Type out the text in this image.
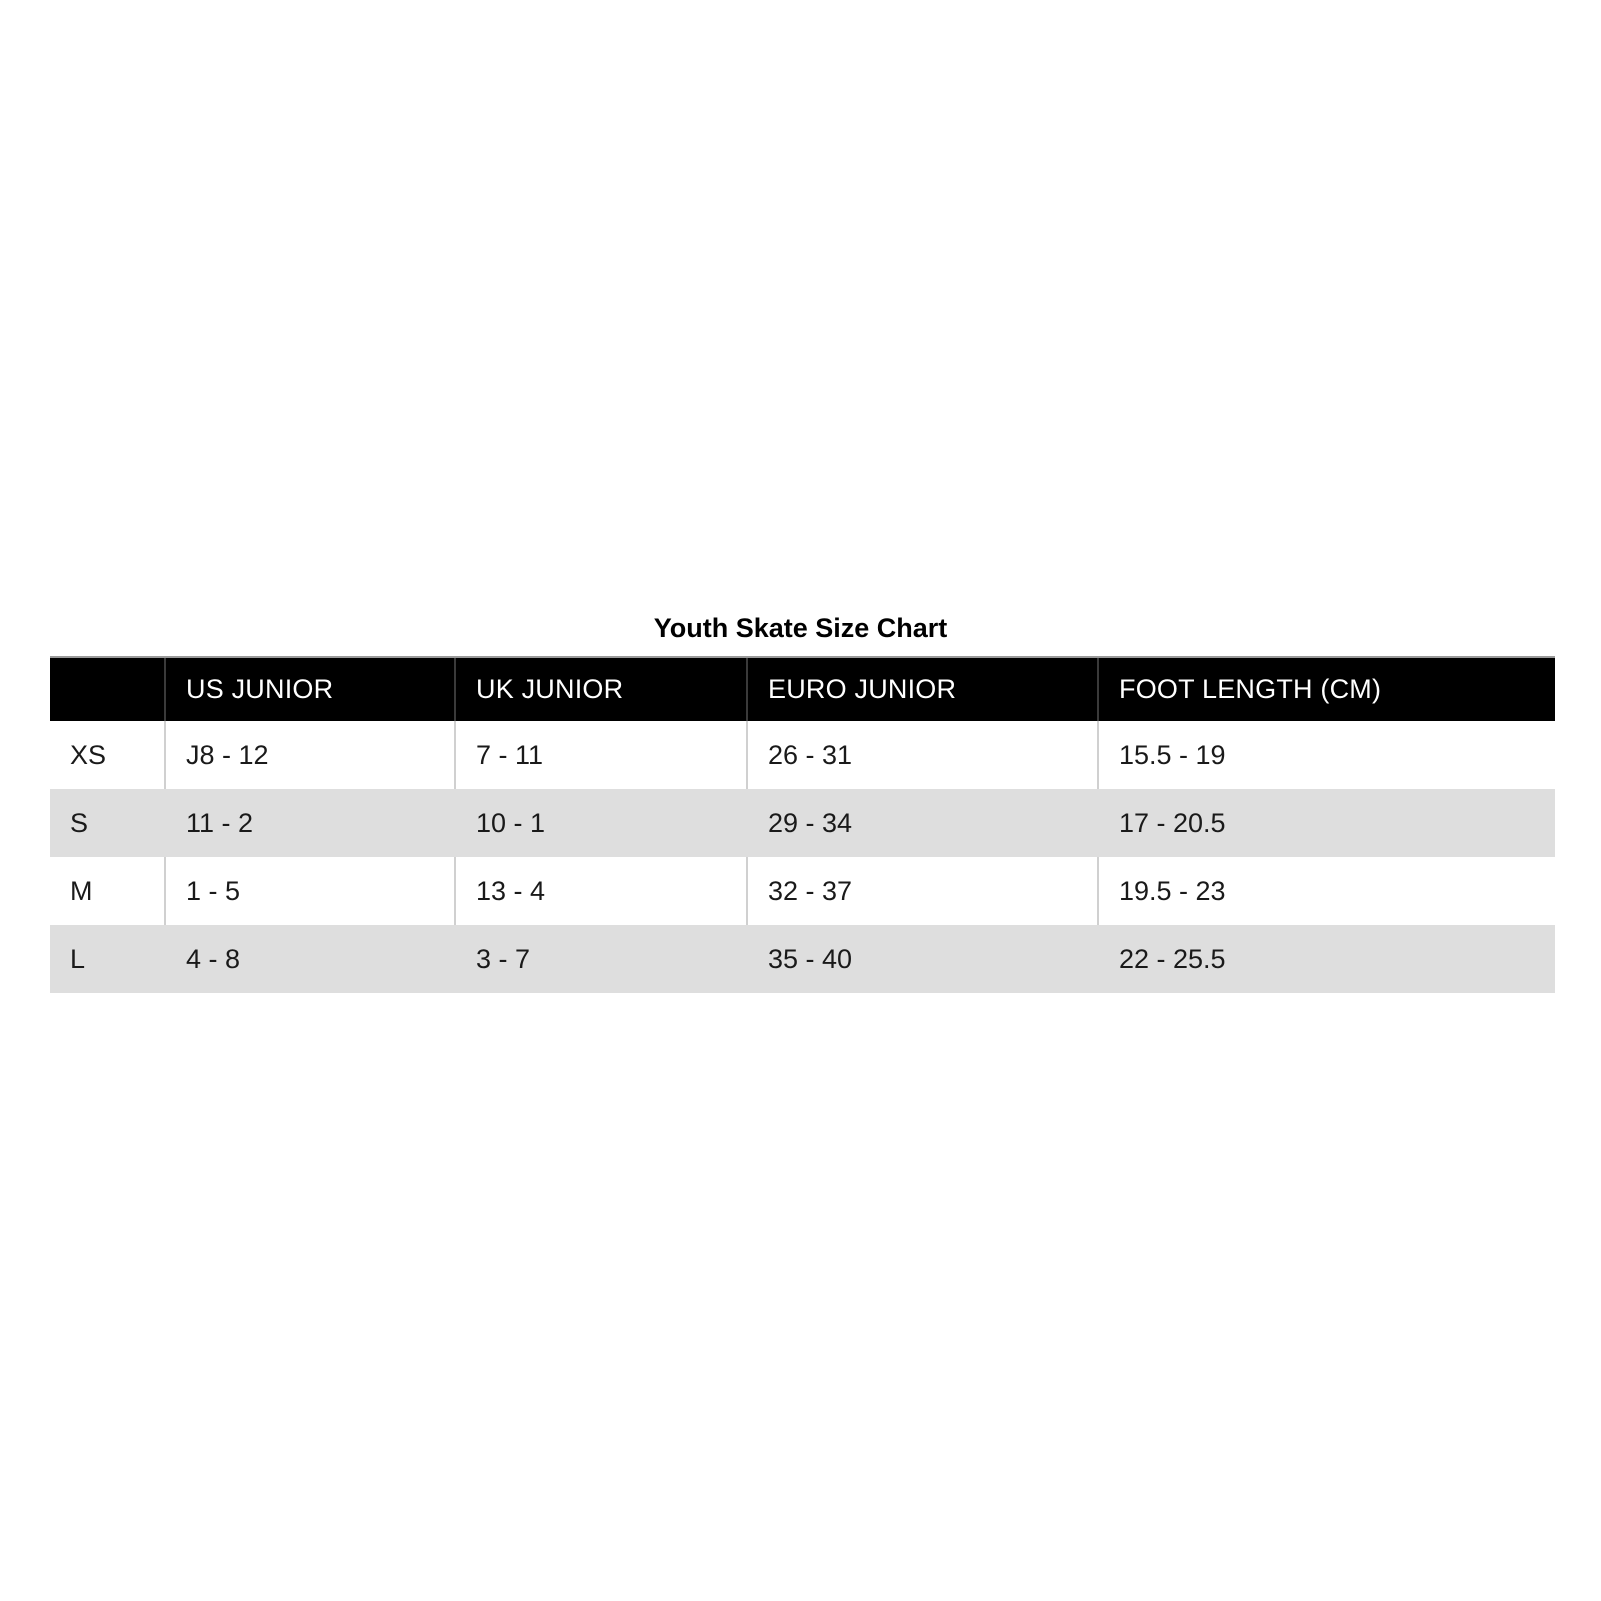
Youth Skate Size Chart
	US JUNIOR	UK JUNIOR	EURO JUNIOR	FOOT LENGTH (CM)
XS	J8 - 12	7 - 11	26 - 31	15.5 - 19
S	11 - 2	10 - 1	29 - 34	17 - 20.5
M	1 - 5	13 - 4	32 - 37	19.5 - 23
L	4 - 8	3 - 7	35 - 40	22 - 25.5
